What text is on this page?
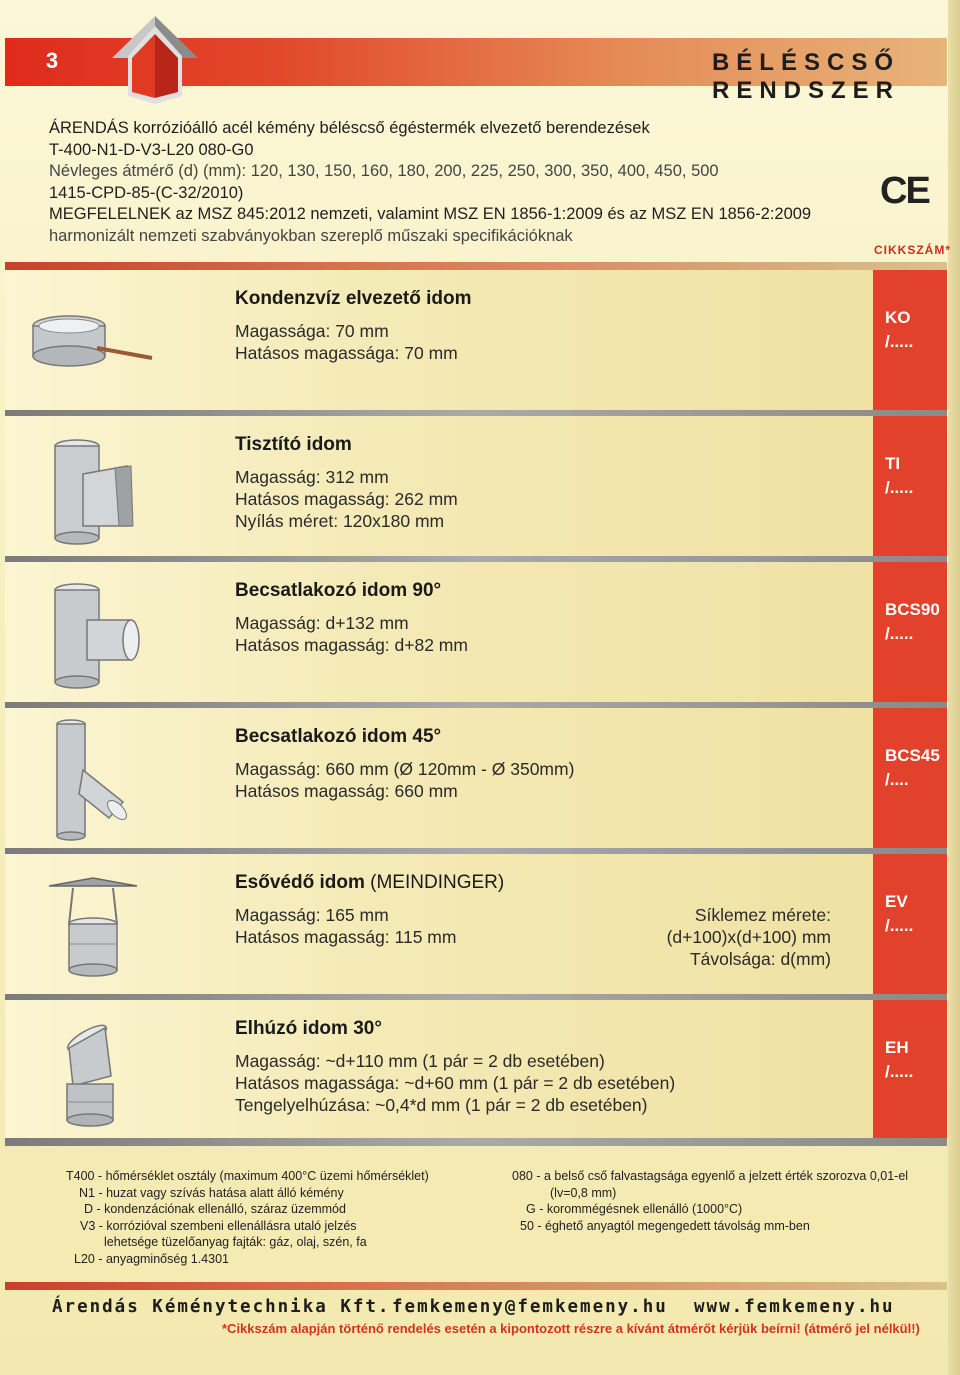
3	BÉLÉSCSŐ RENDSZER
ÁRENDÁS korrózióálló acél kémény béléscső égéstermék elvezető berendezések
T-400-N1-D-V3-L20 080-G0
Névleges átmérő (d) (mm): 120, 130, 150, 160, 180, 200, 225, 250, 300, 350, 400, 450, 500
1415-CPD-85-(C-32/2010)
MEGFELELNEK az MSZ 845:2012 nemzeti, valamint MSZ EN 1856-1:2009 és az MSZ EN 1856-2:2009
harmonizált nemzeti szabványokban szereplő műszaki specifikációknak
CE
CIKKSZÁM*
Kondenzvíz elvezető idom
Magassága: 70 mm
Hatásos magassága: 70 mm
KO
/.....
Tisztító idom
Magasság: 312 mm
Hatásos magasság: 262 mm
Nyílás méret: 120x180 mm
TI
/.....
Becsatlakozó idom 90°
Magasság: d+132 mm
Hatásos magasság: d+82 mm
BCS90
/.....
Becsatlakozó idom 45°
Magasság: 660 mm (Ø 120mm - Ø 350mm)
Hatásos magasság: 660 mm
BCS45
/....
Esővédő idom (MEINDINGER)
Magasság: 165 mm
Hatásos magasság: 115 mm
Síklemez mérete:
(d+100)x(d+100) mm
Távolsága: d(mm)
EV
/.....
Elhúzó idom 30°
Magasság: ~d+110 mm (1 pár = 2 db esetében)
Hatásos magassága: ~d+60 mm (1 pár = 2 db esetében)
Tengelyelhúzása: ~0,4*d mm (1 pár = 2 db esetében)
EH
/.....
T400 - hőmérséklet osztály (maximum 400°C üzemi hőmérséklet)
N1 - huzat vagy szívás hatása alatt álló kémény
D - kondenzációnak ellenálló, száraz üzemmód
V3 - korrózióval szembeni ellenállásra utaló jelzés
lehetsége tüzelőanyag fajták: gáz, olaj, szén, fa
L20 - anyagminőség 1.4301
080 - a belső cső falvastagsága egyenlő a jelzett érték szorozva 0,01-el
(lv=0,8 mm)
G - korommégésnek ellenálló (1000°C)
50 - éghető anyagtól megengedett távolság mm-ben
Árendás Kéménytechnika Kft. femkemeny@femkemeny.hu www.femkemeny.hu
*Cikkszám alapján történő rendelés esetén a kipontozott részre a kívánt átmérőt kérjük beírni! (átmérő jel nélkül!)
